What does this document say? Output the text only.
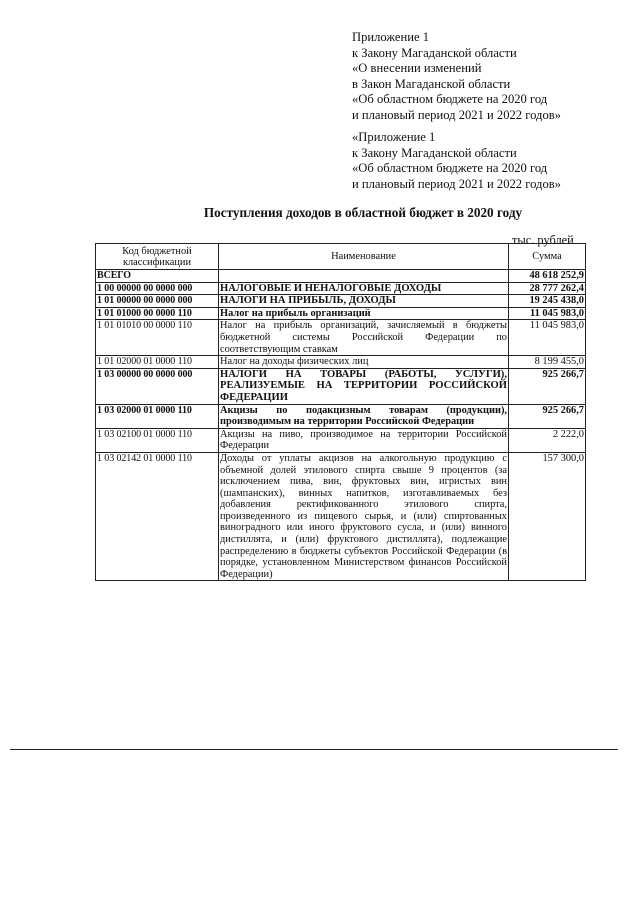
Приложение 1
к Закону Магаданской области
«О внесении изменений
в Закон Магаданской области
«Об областном бюджете на 2020 год
и плановый период 2021 и 2022 годов»
«Приложение 1
к Закону Магаданской области
«Об областном бюджете на 2020 год
и плановый период 2021 и 2022 годов»
Поступления доходов в областной бюджет в 2020 году
тыс. рублей
Код бюджетной классификации	Наименование	Сумма
ВСЕГО		48 618 252,9
1 00 00000 00 0000 000	НАЛОГОВЫЕ И НЕНАЛОГОВЫЕ ДОХОДЫ	28 777 262,4
1 01 00000 00 0000 000	НАЛОГИ НА ПРИБЫЛЬ, ДОХОДЫ	19 245 438,0
1 01 01000 00 0000 110	Налог на прибыль организаций	11 045 983,0
1 01 01010 00 0000 110	Налог на прибыль организаций, зачисляемый в бюджеты бюджетной системы Российской Федерации по соответствующим ставкам	11 045 983,0
1 01 02000 01 0000 110	Налог на доходы физических лиц	8 199 455,0
1 03 00000 00 0000 000	НАЛОГИ НА ТОВАРЫ (РАБОТЫ, УСЛУГИ), РЕАЛИЗУЕМЫЕ НА ТЕРРИТОРИИ РОССИЙСКОЙ ФЕДЕРАЦИИ	925 266,7
1 03 02000 01 0000 110	Акцизы по подакцизным товарам (продукции), производимым на территории Российской Федерации	925 266,7
1 03 02100 01 0000 110	Акцизы на пиво, производимое на территории Российской Федерации	2 222,0
1 03 02142 01 0000 110	Доходы от уплаты акцизов на алкогольную продукцию с объемной долей этилового спирта свыше 9 процентов (за исключением пива, вин, фруктовых вин, игристых вин (шампанских), винных напитков, изготавливаемых без добавления ректификованного этилового спирта, произведенного из пищевого сырья, и (или) спиртованных виноградного или иного фруктового сусла, и (или) винного дистиллята, и (или) фруктового дистиллята), подлежащие распределению в бюджеты субъектов Российской Федерации (в порядке, установленном Министерством финансов Российской Федерации)	157 300,0
